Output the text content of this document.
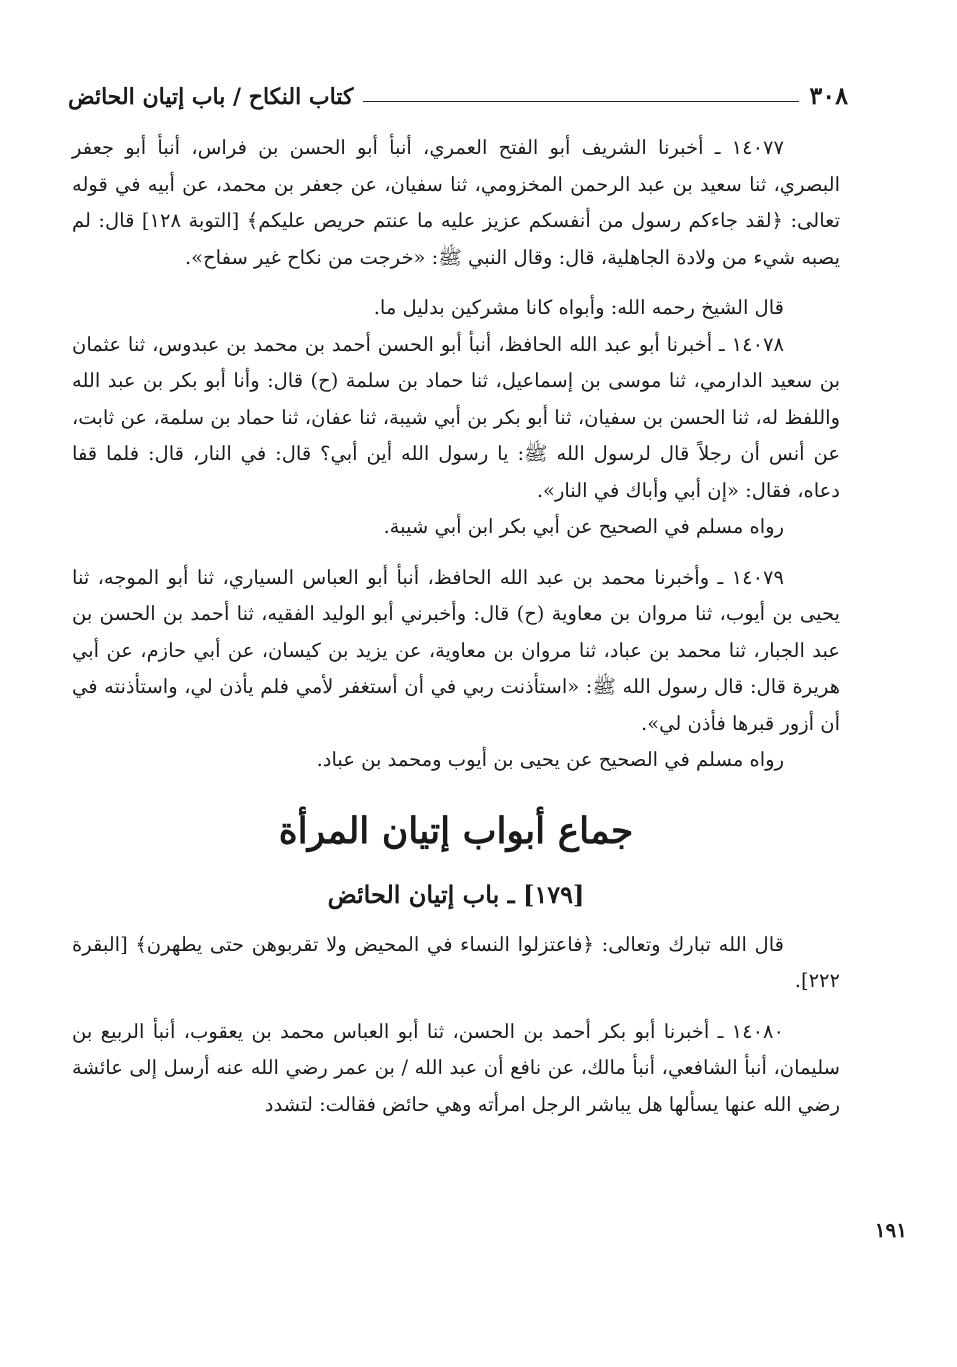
٣٠٨
كتاب النكاح / باب إتيان الحائض

١٤٠٧٧ ـ أخبرنا الشريف أبو الفتح العمري، أنبأ أبو الحسن بن فراس، أنبأ أبو جعفر البصري، ثنا سعيد بن عبد الرحمن المخزومي، ثنا سفيان، عن جعفر بن محمد، عن أبيه في قوله تعالى: ﴿لقد جاءكم رسول من أنفسكم عزيز عليه ما عنتم حريص عليكم﴾ [التوبة ١٢٨] قال: لم يصبه شيء من ولادة الجاهلية، قال: وقال النبي ﷺ: «خرجت من نكاح غير سفاح».

قال الشيخ رحمه الله: وأبواه كانا مشركين بدليل ما.

١٤٠٧٨ ـ أخبرنا أبو عبد الله الحافظ، أنبأ أبو الحسن أحمد بن محمد بن عبدوس، ثنا عثمان بن سعيد الدارمي، ثنا موسى بن إسماعيل، ثنا حماد بن سلمة (ح) قال: وأنا أبو بكر بن عبد الله واللفظ له، ثنا الحسن بن سفيان، ثنا أبو بكر بن أبي شيبة، ثنا عفان، ثنا حماد بن سلمة، عن ثابت، عن أنس أن رجلاً قال لرسول الله ﷺ: يا رسول الله أين أبي؟ قال: في النار، قال: فلما قفا دعاه، فقال: «إن أبي وأباك في النار».

رواه مسلم في الصحيح عن أبي بكر ابن أبي شيبة.

١٤٠٧٩ ـ وأخبرنا محمد بن عبد الله الحافظ، أنبأ أبو العباس السياري، ثنا أبو الموجه، ثنا يحيى بن أيوب، ثنا مروان بن معاوية (ح) قال: وأخبرني أبو الوليد الفقيه، ثنا أحمد بن الحسن بن عبد الجبار، ثنا محمد بن عباد، ثنا مروان بن معاوية، عن يزيد بن كيسان، عن أبي حازم، عن أبي هريرة قال: قال رسول الله ﷺ: «استأذنت ربي في أن أستغفر لأمي فلم يأذن لي، واستأذنته في أن أزور قبرها فأذن لي».

رواه مسلم في الصحيح عن يحيى بن أيوب ومحمد بن عباد.

جماع أبواب إتيان المرأة

[١٧٩] ـ باب إتيان الحائض

قال الله تبارك وتعالى: ﴿فاعتزلوا النساء في المحيض ولا تقربوهن حتى يطهرن﴾ [البقرة ٢٢٢].

١٤٠٨٠ ـ أخبرنا أبو بكر أحمد بن الحسن، ثنا أبو العباس محمد بن يعقوب، أنبأ الربيع بن سليمان، أنبأ الشافعي، أنبأ مالك، عن نافع أن عبد الله / بن عمر رضي الله عنه أرسل إلى عائشة رضي الله عنها يسألها هل يباشر الرجل امرأته وهي حائض فقالت: لتشدد

١٩١
